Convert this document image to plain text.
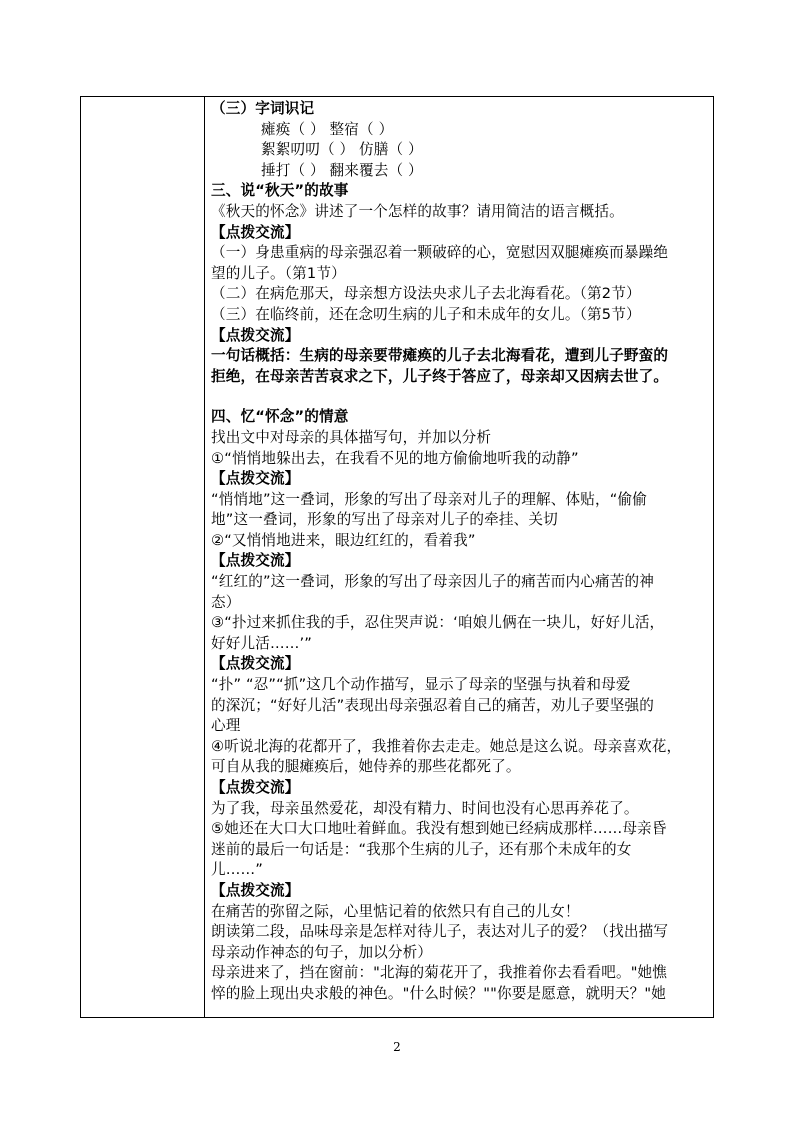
（三）字词识记
瘫痪（ ） 整宿（ ）
絮絮叨叨（ ） 仿膳（ ）
捶打（ ） 翻来覆去（ ）
三、说“秋天”的故事
《秋天的怀念》讲述了一个怎样的故事？请用简洁的语言概括。
【点拨交流】
（一）身患重病的母亲强忍着一颗破碎的心，宽慰因双腿瘫痪而暴躁绝
望的儿子。（第1节）
（二）在病危那天，母亲想方设法央求儿子去北海看花。（第2节）
（三）在临终前，还在念叨生病的儿子和未成年的女儿。（第5节）
【点拨交流】
一句话概括：生病的母亲要带瘫痪的儿子去北海看花，遭到儿子野蛮的
拒绝，在母亲苦苦哀求之下，儿子终于答应了，母亲却又因病去世了。
四、忆“怀念”的情意
找出文中对母亲的具体描写句，并加以分析
①“悄悄地躲出去，在我看不见的地方偷偷地听我的动静”
【点拨交流】
“悄悄地”这一叠词，形象的写出了母亲对儿子的理解、体贴，“偷偷
地”这一叠词，形象的写出了母亲对儿子的牵挂、关切
②“又悄悄地进来，眼边红红的，看着我”
【点拨交流】
“红红的”这一叠词，形象的写出了母亲因儿子的痛苦而内心痛苦的神
态）
③“扑过来抓住我的手，忍住哭声说：‘咱娘儿俩在一块儿，好好儿活，
好好儿活……’”
【点拨交流】
“扑” “忍”“抓”这几个动作描写，显示了母亲的坚强与执着和母爱
的深沉；“好好儿活”表现出母亲强忍着自己的痛苦，劝儿子要坚强的
心理
④听说北海的花都开了，我推着你去走走。她总是这么说。母亲喜欢花，
可自从我的腿瘫痪后，她侍养的那些花都死了。
【点拨交流】
为了我，母亲虽然爱花，却没有精力、时间也没有心思再养花了。
⑤她还在大口大口地吐着鲜血。我没有想到她已经病成那样……母亲昏
迷前的最后一句话是：“我那个生病的儿子，还有那个未成年的女
儿……”
【点拨交流】
在痛苦的弥留之际，心里惦记着的依然只有自己的儿女！
朗读第二段，品味母亲是怎样对待儿子，表达对儿子的爱？（找出描写
母亲动作神态的句子，加以分析）
母亲进来了，挡在窗前："北海的菊花开了，我推着你去看看吧。"她憔
悴的脸上现出央求般的神色。"什么时候？""你要是愿意，就明天？"她
2
